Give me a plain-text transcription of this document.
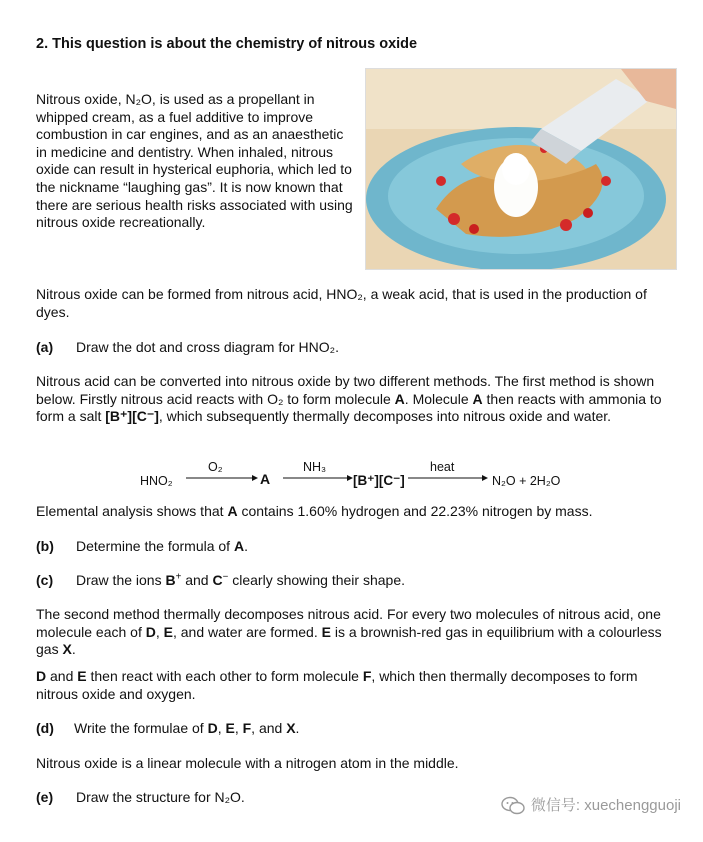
2. This question is about the chemistry of nitrous oxide
Nitrous oxide, N₂O, is used as a propellant in whipped cream, as a fuel additive to improve combustion in car engines, and as an anaesthetic in medicine and dentistry. When inhaled, nitrous oxide can result in hysterical euphoria, which led to the nickname “laughing gas”. It is now known that there are serious health risks associated with using nitrous oxide recreationally.
Nitrous oxide can be formed from nitrous acid, HNO₂, a weak acid, that is used in the production of dyes.
(a) Draw the dot and cross diagram for HNO₂.
Nitrous acid can be converted into nitrous oxide by two different methods. The first method is shown below. Firstly nitrous acid reacts with O₂ to form molecule A. Molecule A then reacts with ammonia to form a salt [B⁺][C⁻], which subsequently thermally decomposes into nitrous oxide and water.
HNO₂
O₂
A
NH₃
[B⁺][C⁻]
heat
N₂O + 2H₂O
Elemental analysis shows that A contains 1.60% hydrogen and 22.23% nitrogen by mass.
(b) Determine the formula of A.
(c) Draw the ions B+ and C− clearly showing their shape.
The second method thermally decomposes nitrous acid. For every two molecules of nitrous acid, one molecule each of D, E, and water are formed. E is a brownish-red gas in equilibrium with a colourless gas X.
D and E then react with each other to form molecule F, which then thermally decomposes to form nitrous oxide and oxygen.
(d) Write the formulae of D, E, F, and X.
Nitrous oxide is a linear molecule with a nitrogen atom in the middle.
(e) Draw the structure for N₂O.
微信号: xuechengguoji
